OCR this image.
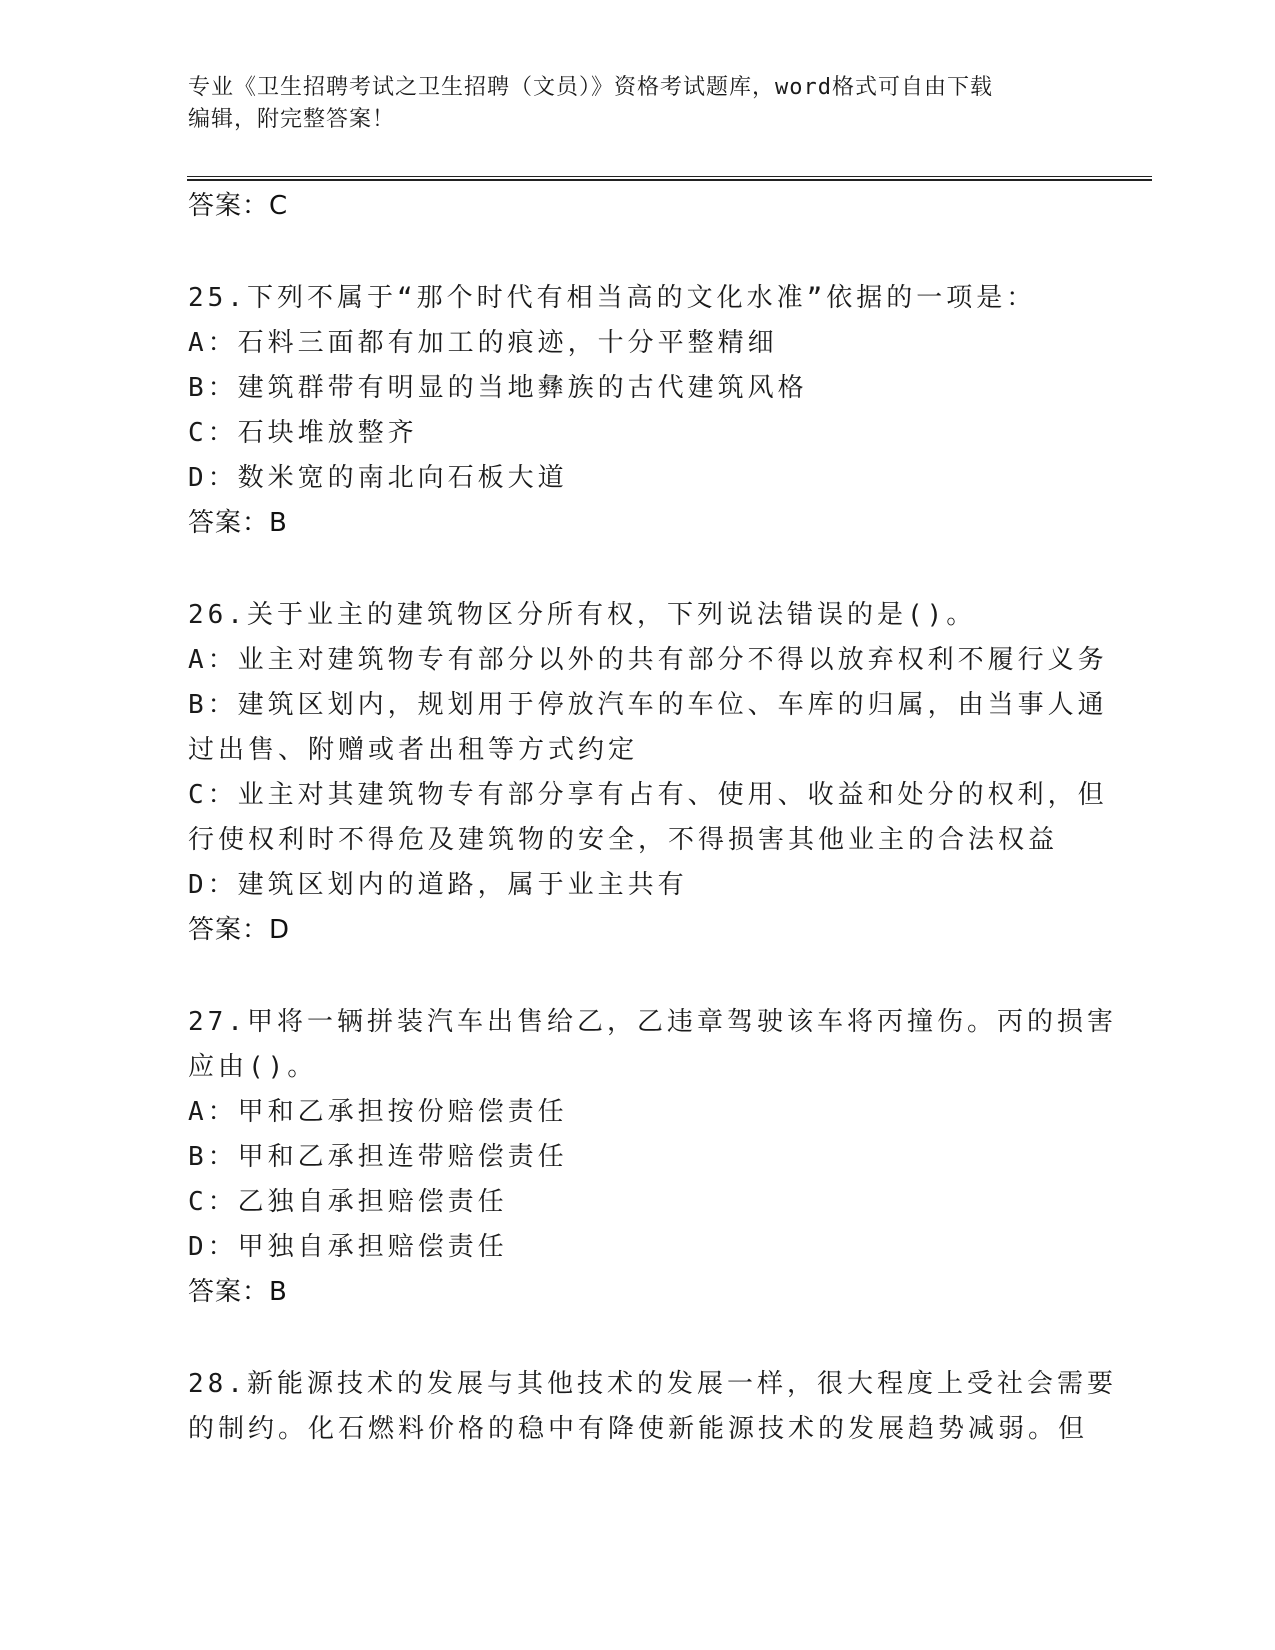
专业《卫生招聘考试之卫生招聘（文员）》资格考试题库，word格式可自由下载
编辑，附完整答案！
答案：C
25.下列不属于“那个时代有相当高的文化水准”依据的一项是：
A：石料三面都有加工的痕迹，十分平整精细
B：建筑群带有明显的当地彝族的古代建筑风格
C：石块堆放整齐
D：数米宽的南北向石板大道
答案：B
26.关于业主的建筑物区分所有权，下列说法错误的是()。
A：业主对建筑物专有部分以外的共有部分不得以放弃权利不履行义务
B：建筑区划内，规划用于停放汽车的车位、车库的归属，由当事人通
过出售、附赠或者出租等方式约定
C：业主对其建筑物专有部分享有占有、使用、收益和处分的权利，但
行使权利时不得危及建筑物的安全，不得损害其他业主的合法权益
D：建筑区划内的道路，属于业主共有
答案：D
27.甲将一辆拼装汽车出售给乙，乙违章驾驶该车将丙撞伤。丙的损害
应由()。
A：甲和乙承担按份赔偿责任
B：甲和乙承担连带赔偿责任
C：乙独自承担赔偿责任
D：甲独自承担赔偿责任
答案：B
28.新能源技术的发展与其他技术的发展一样，很大程度上受社会需要
的制约。化石燃料价格的稳中有降使新能源技术的发展趋势减弱。但
